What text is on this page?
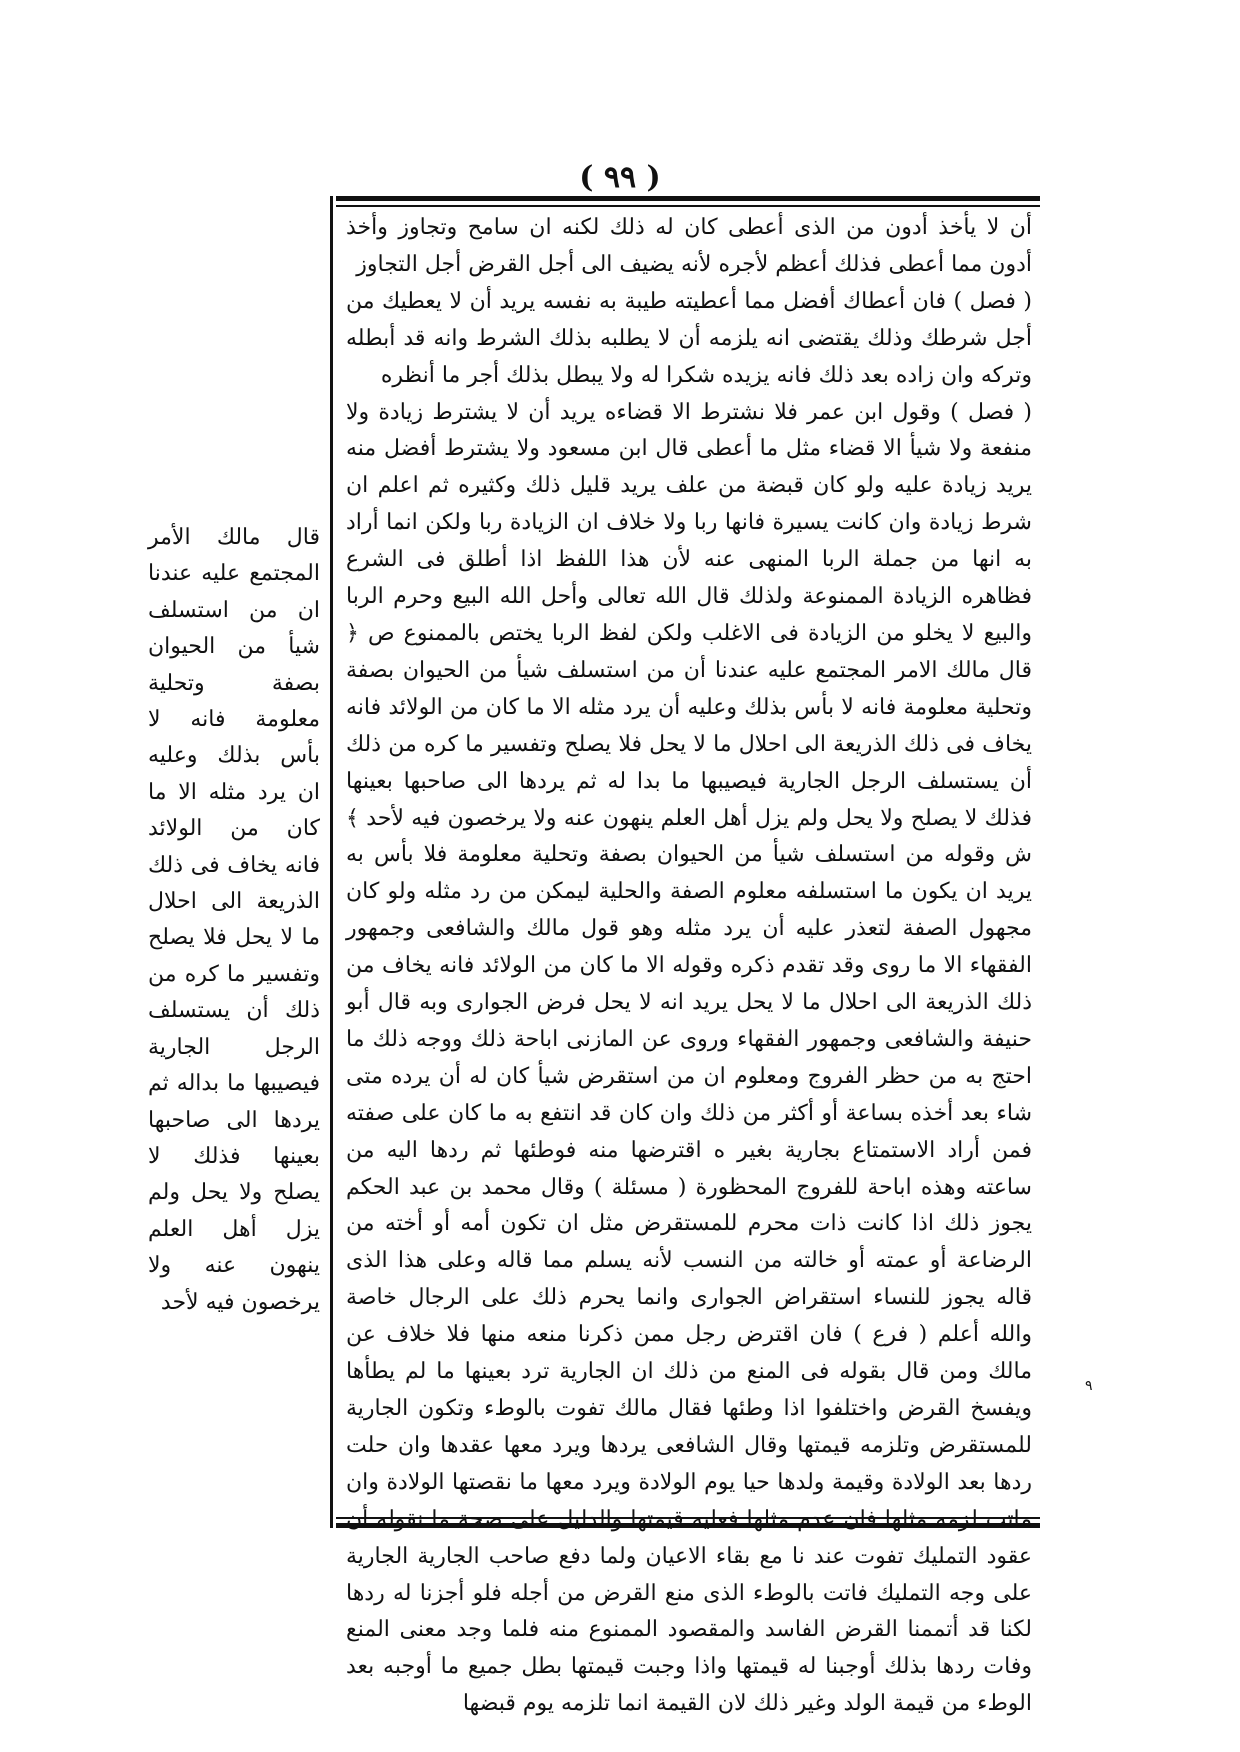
( ٩٩ )

أن لا يأخذ أدون من الذى أعطى كان له ذلك لكنه ان سامح وتجاوز وأخذ أدون مما أعطى فذلك أعظم لأجره لأنه يضيف الى أجل القرض أجل التجاوز

( فصل ) فان أعطاك أفضل مما أعطيته طيبة به نفسه يريد أن لا يعطيك من أجل شرطك وذلك يقتضى انه يلزمه أن لا يطلبه بذلك الشرط وانه قد أبطله وتركه وان زاده بعد ذلك فانه يزيده شكرا له ولا يبطل بذلك أجر ما أنظره

( فصل ) وقول ابن عمر فلا نشترط الا قضاءه يريد أن لا يشترط زيادة ولا منفعة ولا شيأ الا قضاء مثل ما أعطى قال ابن مسعود ولا يشترط أفضل منه يريد زيادة عليه ولو كان قبضة من علف يريد قليل ذلك وكثيره ثم اعلم ان شرط زيادة وان كانت يسيرة فانها ربا ولا خلاف ان الزيادة ربا ولكن انما أراد به انها من جملة الربا المنهى عنه لأن هذا اللفظ اذا أطلق فى الشرع فظاهره الزيادة الممنوعة ولذلك قال الله تعالى وأحل الله البيع وحرم الربا والبيع لا يخلو من الزيادة فى الاغلب ولكن لفظ الربا يختص بالممنوع ص ﴿ قال مالك الامر المجتمع عليه عندنا أن من استسلف شيأ من الحيوان بصفة وتحلية معلومة فانه لا بأس بذلك وعليه أن يرد مثله الا ما كان من الولائد فانه يخاف فى ذلك الذريعة الى احلال ما لا يحل فلا يصلح وتفسير ما كره من ذلك أن يستسلف الرجل الجارية فيصيبها ما بدا له ثم يردها الى صاحبها بعينها فذلك لا يصلح ولا يحل ولم يزل أهل العلم ينهون عنه ولا يرخصون فيه لأحد ﴾ ش وقوله من استسلف شيأ من الحيوان بصفة وتحلية معلومة فلا بأس به يريد ان يكون ما استسلفه معلوم الصفة والحلية ليمكن من رد مثله ولو كان مجهول الصفة لتعذر عليه أن يرد مثله وهو قول مالك والشافعى وجمهور الفقهاء الا ما روى وقد تقدم ذكره وقوله الا ما كان من الولائد فانه يخاف من ذلك الذريعة الى احلال ما لا يحل يريد انه لا يحل فرض الجوارى وبه قال أبو حنيفة والشافعى وجمهور الفقهاء وروى عن المازنى اباحة ذلك ووجه ذلك ما احتج به من حظر الفروج ومعلوم ان من استقرض شيأ كان له أن يرده متى شاء بعد أخذه بساعة أو أكثر من ذلك وان كان قد انتفع به ما كان على صفته فمن أراد الاستمتاع بجارية بغير ه اقترضها منه فوطئها ثم ردها اليه من ساعته وهذه اباحة للفروج المحظورة ( مسئلة ) وقال محمد بن عبد الحكم يجوز ذلك اذا كانت ذات محرم للمستقرض مثل ان تكون أمه أو أخته من الرضاعة أو عمته أو خالته من النسب لأنه يسلم مما قاله وعلى هذا الذى قاله يجوز للنساء استقراض الجوارى وانما يحرم ذلك على الرجال خاصة والله أعلم ( فرع ) فان اقترض رجل ممن ذكرنا منعه منها فلا خلاف عن مالك ومن قال بقوله فى المنع من ذلك ان الجارية ترد بعينها ما لم يطأها ويفسخ القرض واختلفوا اذا وطئها فقال مالك تفوت بالوطء وتكون الجارية للمستقرض وتلزمه قيمتها وقال الشافعى يردها ويرد معها عقدها وان حلت ردها بعد الولادة وقيمة ولدها حيا يوم الولادة ويرد معها ما نقصتها الولادة وان ماتت لزمه مثلها فان عدم مثلها فعليه قيمتها والدليل على صحة ما نقوله أن عقود التمليك تفوت عند نا مع بقاء الاعيان ولما دفع صاحب الجارية الجارية على وجه التمليك فاتت بالوطء الذى منع القرض من أجله فلو أجزنا له ردها لكنا قد أتممنا القرض الفاسد والمقصود الممنوع منه فلما وجد معنى المنع وفات ردها بذلك أوجبنا له قيمتها واذا وجبت قيمتها بطل جميع ما أوجبه بعد الوطء من قيمة الولد وغير ذلك لان القيمة انما تلزمه يوم قبضها

قال مالك الأمر المجتمع عليه عندنا ان من استسلف شيأ من الحيوان بصفة وتحلية معلومة فانه لا بأس بذلك وعليه ان يرد مثله الا ما كان من الولائد فانه يخاف فى ذلك الذريعة الى احلال ما لا يحل فلا يصلح وتفسير ما كره من ذلك أن يستسلف الرجل الجارية فيصيبها ما بداله ثم يردها الى صاحبها بعينها فذلك لا يصلح ولا يحل ولم يزل أهل العلم ينهون عنه ولا يرخصون فيه لأحد
٩
